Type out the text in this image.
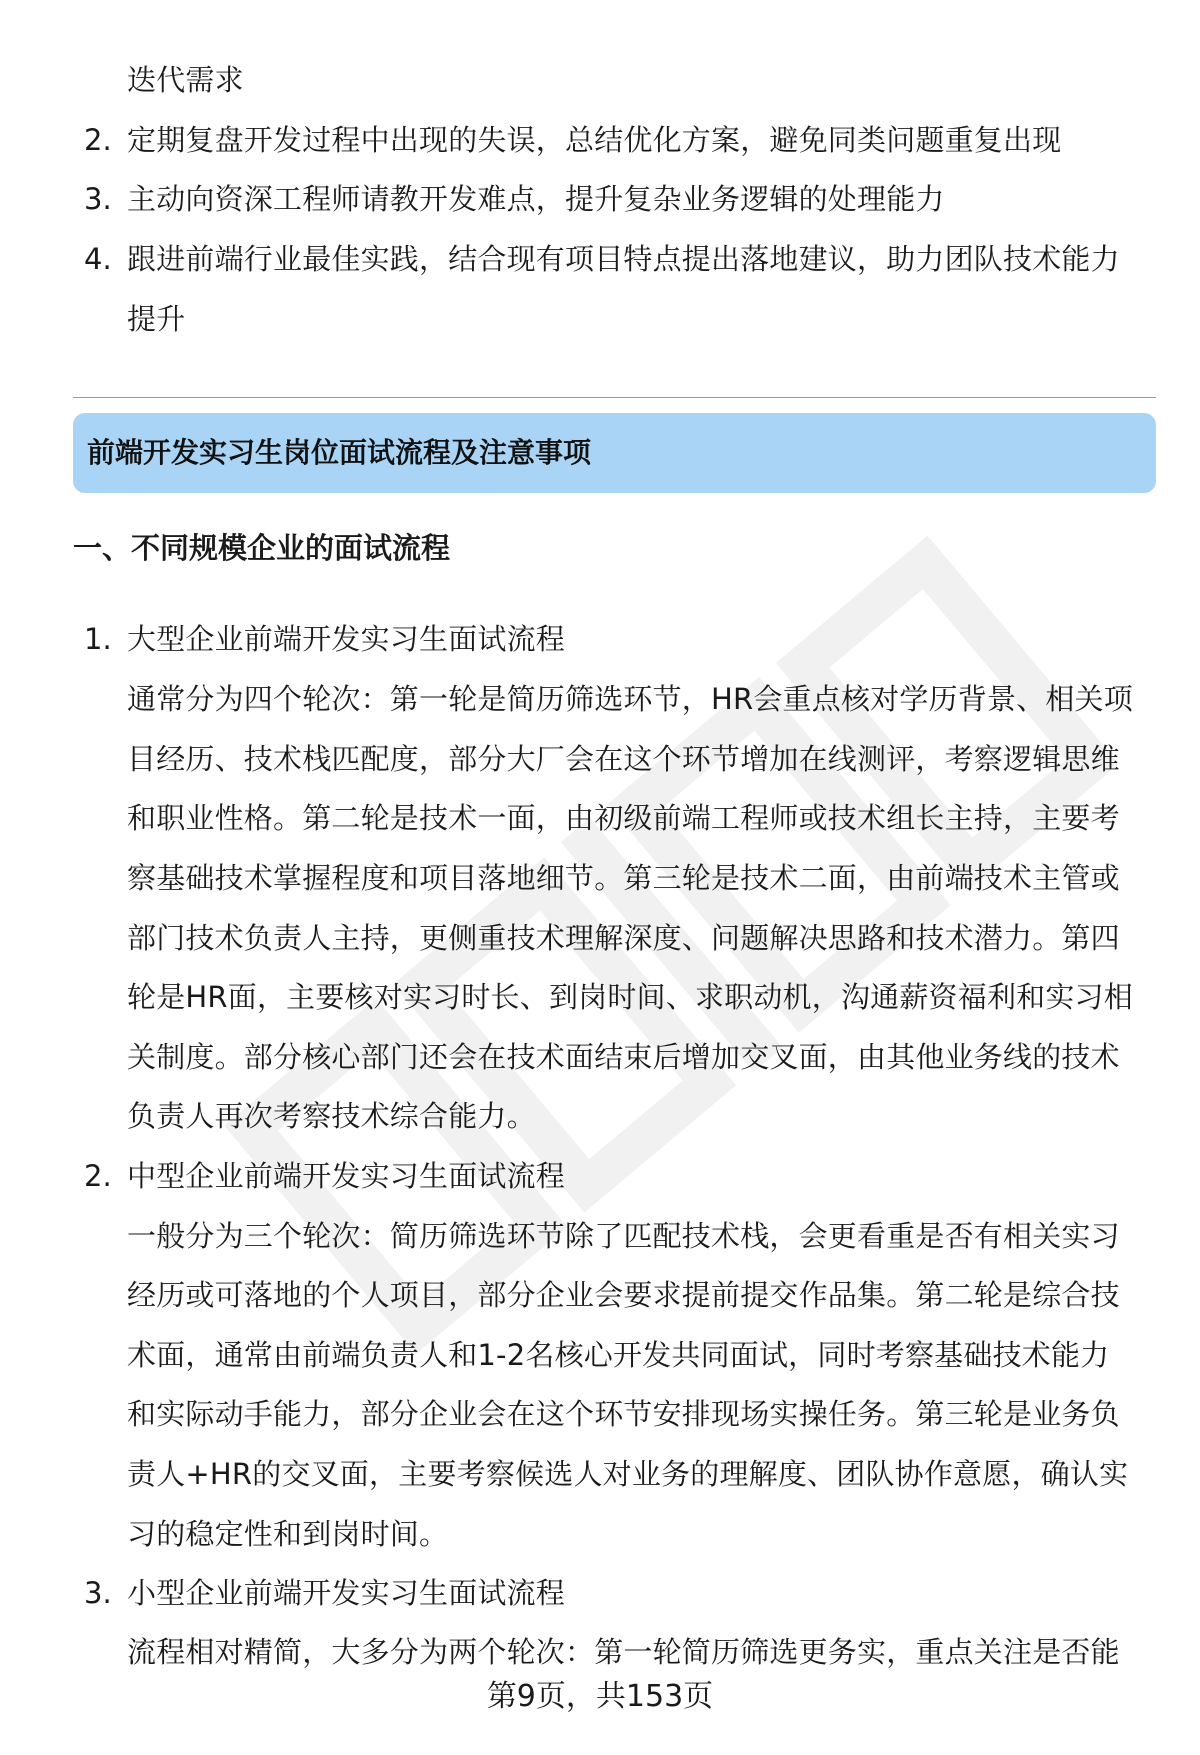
迭代需求
2. 定期复盘开发过程中出现的失误，总结优化方案，避免同类问题重复出现
3. 主动向资深工程师请教开发难点，提升复杂业务逻辑的处理能力
4. 跟进前端行业最佳实践，结合现有项目特点提出落地建议，助力团队技术能力
提升
前端开发实习生岗位面试流程及注意事项
一、不同规模企业的面试流程
1. 大型企业前端开发实习生面试流程
通常分为四个轮次：第一轮是简历筛选环节，HR会重点核对学历背景、相关项
目经历、技术栈匹配度，部分大厂会在这个环节增加在线测评，考察逻辑思维
和职业性格。第二轮是技术一面，由初级前端工程师或技术组长主持，主要考
察基础技术掌握程度和项目落地细节。第三轮是技术二面，由前端技术主管或
部门技术负责人主持，更侧重技术理解深度、问题解决思路和技术潜力。第四
轮是HR面，主要核对实习时长、到岗时间、求职动机，沟通薪资福利和实习相
关制度。部分核心部门还会在技术面结束后增加交叉面，由其他业务线的技术
负责人再次考察技术综合能力。
2. 中型企业前端开发实习生面试流程
一般分为三个轮次：简历筛选环节除了匹配技术栈，会更看重是否有相关实习
经历或可落地的个人项目，部分企业会要求提前提交作品集。第二轮是综合技
术面，通常由前端负责人和1-2名核心开发共同面试，同时考察基础技术能力
和实际动手能力，部分企业会在这个环节安排现场实操任务。第三轮是业务负
责人+HR的交叉面，主要考察候选人对业务的理解度、团队协作意愿，确认实
习的稳定性和到岗时间。
3. 小型企业前端开发实习生面试流程
流程相对精简，大多分为两个轮次：第一轮简历筛选更务实，重点关注是否能
第9页，共153页
